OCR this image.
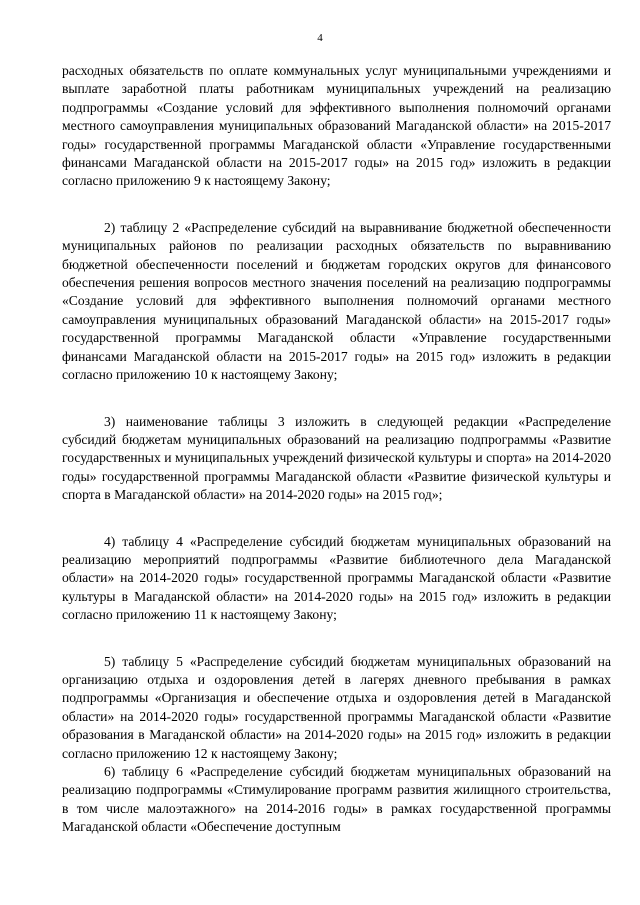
4

расходных обязательств по оплате коммунальных услуг муниципальными учреждениями и выплате заработной платы работникам муниципальных учреждений на реализацию подпрограммы «Создание условий для эффективного выполнения полномочий органами местного самоуправления муниципальных образований Магаданской области» на 2015-2017 годы» государственной программы Магаданской области «Управление государственными финансами Магаданской области на 2015-2017 годы» на 2015 год» изложить в редакции согласно приложению 9 к настоящему Закону;

2) таблицу 2 «Распределение субсидий на выравнивание бюджетной обеспеченности муниципальных районов по реализации расходных обязательств по выравниванию бюджетной обеспеченности поселений и бюджетам городских округов для финансового обеспечения решения вопросов местного значения поселений на реализацию подпрограммы «Создание условий для эффективного выполнения полномочий органами местного самоуправления муниципальных образований Магаданской области» на 2015-2017 годы» государственной программы Магаданской области «Управление государственными финансами Магаданской области на 2015-2017 годы» на 2015 год» изложить в редакции согласно приложению 10 к настоящему Закону;

3) наименование таблицы 3 изложить в следующей редакции «Распределение субсидий бюджетам муниципальных образований на реализацию подпрограммы «Развитие государственных и муниципальных учреждений физической культуры и спорта» на 2014-2020 годы» государственной программы Магаданской области «Развитие физической культуры и спорта в Магаданской области» на 2014-2020 годы» на 2015 год»;

4) таблицу 4 «Распределение субсидий бюджетам муниципальных образований на реализацию мероприятий подпрограммы «Развитие библиотечного дела Магаданской области» на 2014-2020 годы» государственной программы Магаданской области «Развитие культуры в Магаданской области» на 2014-2020 годы» на 2015 год» изложить в редакции согласно приложению 11 к настоящему Закону;

5) таблицу 5 «Распределение субсидий бюджетам муниципальных образований на организацию отдыха и оздоровления детей в лагерях дневного пребывания в рамках подпрограммы «Организация и обеспечение отдыха и оздоровления детей в Магаданской области» на 2014-2020 годы» государственной программы Магаданской области «Развитие образования в Магаданской области» на 2014-2020 годы» на 2015 год» изложить в редакции согласно приложению 12 к настоящему Закону;

6) таблицу 6 «Распределение субсидий бюджетам муниципальных образований на реализацию подпрограммы «Стимулирование программ развития жилищного строительства, в том числе малоэтажного» на 2014-2016 годы» в рамках государственной программы Магаданской области «Обеспечение доступным
